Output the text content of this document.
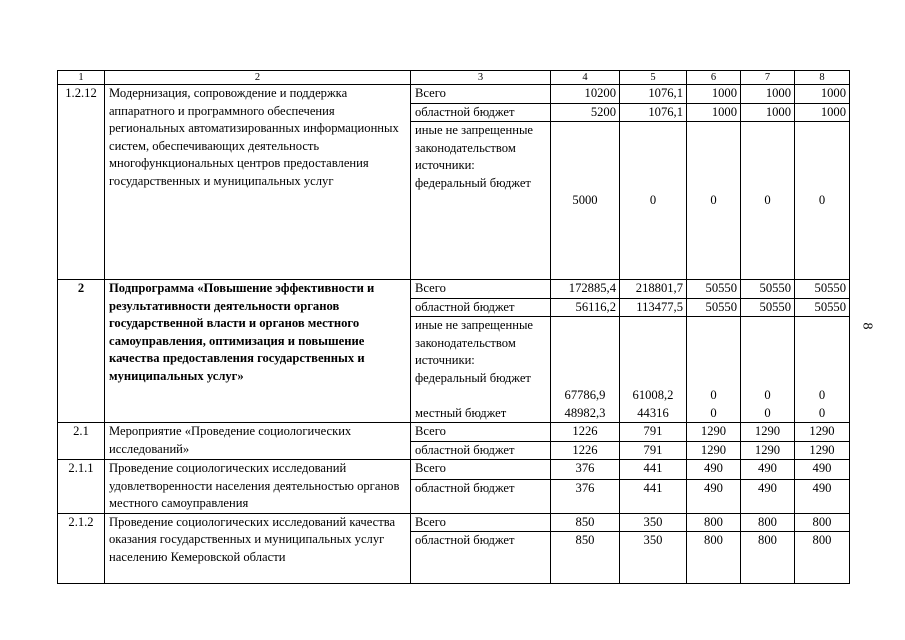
1	2	3	4	5	6	7	8
1.2.12	Модернизация, сопровождение и поддержка аппаратного и программного обеспечения региональных автоматизированных информационных систем, обеспечивающих деятельность многофункциональных центров предоставления государственных и муниципальных услуг	Всего	10200	1076,1	1000	1000	1000
		областной бюджет	5200	1076,1	1000	1000	1000
		иные не запрещенные законодательством источники: федеральный бюджет	5000	0	0	0	0
2	Подпрограмма «Повышение эффективности и результативности деятельности органов государственной власти и органов местного самоуправления, оптимизация и повышение качества предоставления государственных и муниципальных услуг»	Всего	172885,4	218801,7	50550	50550	50550
		областной бюджет	56116,2	113477,5	50550	50550	50550
		иные не запрещенные законодательством источники: федеральный бюджет	67786,9	61008,2	0	0	0
		местный бюджет	48982,3	44316	0	0	0
2.1	Мероприятие «Проведение социологических исследований»	Всего	1226	791	1290	1290	1290
		областной бюджет	1226	791	1290	1290	1290
2.1.1	Проведение социологических исследований удовлетворенности населения деятельностью органов местного самоуправления	Всего	376	441	490	490	490
		областной бюджет	376	441	490	490	490
2.1.2	Проведение социологических исследований качества оказания государственных и муниципальных услуг населению Кемеровской области	Всего	850	350	800	800	800
		областной бюджет	850	350	800	800	800
8
